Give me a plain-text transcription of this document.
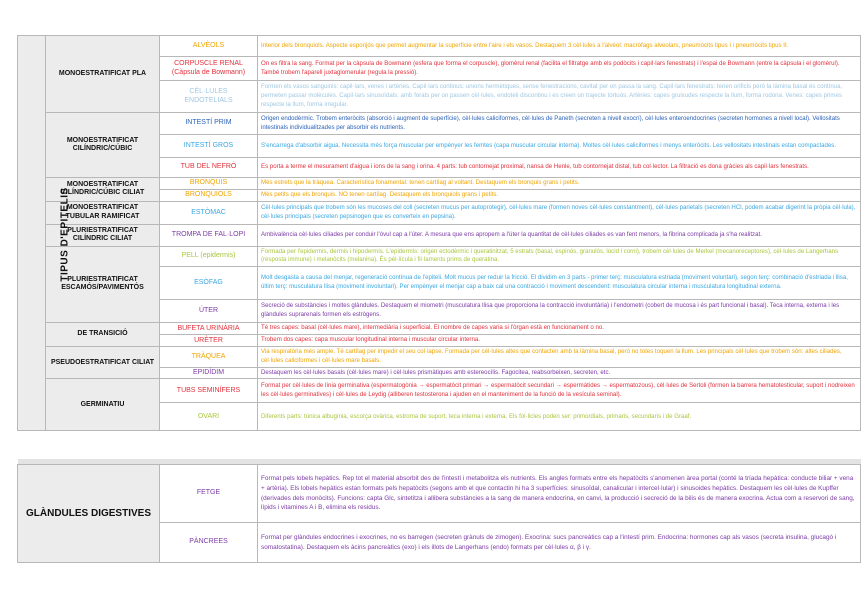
TIPUS D'EPITELIS	MONOESTRATIFICAT PLA	ALVÈOLS	Interior dels bronquiols. Aspecte esponjós que permet augmentar la superfície entre l'aire i els vasos. Destaquem 3 cèl·lules a l'alvèol: macròfags alveolars, pneumòcits tipus I i pneumòcits tipus II.

		CORPUSCLE RENAL
(Càpsula de Bowmann)	On es filtra la sang. Format per la càpsula de Bowmann (esfera que forma el corpuscle), glomèrul renal (facilita el filtratge amb els podòcits i capil·lars fenestrats) i l'espai de Bowmann (entre la càpsula i el glomèrul). També trobem l'aparell juxtaglomerular (regula la pressió).

		CÈL·LULES
ENDOTELIALS	Formen els vasos sanguinis: capil·lars, venes i artèries. Capil·lars continus: unions hermètiques, sense fenestracions, cavitat per on passa la sang. Capil·lars fenestrats: tenen orificis però la làmina basal és contínua, permeten passar molècules. Capil·lars sinusoïdals: amb forats per on passen cèl·lules, endoteli discontinu i es creen un trajecte tortuós. Artèries: capes gruixudes respecte la llum, forma rodona. Venes: capes primes respecte la llum, forma irregular.
	MONOESTRATIFICAT CILÍNDRIC/CÚBIC	INTESTÍ PRIM	Origen endodèrmic. Trobem enteròcits (absorció i augment de superfície), cèl·lules caliciformes, cèl·lules de Paneth (secreten a nivell exocrí), cèl·lules enteroendocrines (secreten hormones a nivell local). Vellositats intestinals individualitzades per absorbir els nutrients.

		INTESTÍ GROS	S'encarrega d'absorbir aigua. Necessita més força muscular per empènyer les femtes (capa muscular circular interna). Moltes cèl·lules caliciformes i menys enteròcits. Les vellositats intestinals estan compactades.

		TUB DEL NEFRÓ	Es porta a terme el mesurament d'aigua i ions de la sang i orina. 4 parts: tub contornejat proximal, nansa de Henle, tub contornejat distal, tub col·lector. La filtració es dona gràcies als capil·lars fenestrats.
	MONOESTRATIFICAT CILÍNDRIC/CÚBIC CILIAT	BRONQUIS	Més estrets que la tràquea. Característica fonamental: tenen cartílag al voltant. Destaquem els bronquis grans i petits.

		BRONQUIOLS	Més petits que els bronquis. NO tenen cartílag. Destaquem els bronquiols grans i petits.
	MONOESTRATIFICAT TUBULAR RAMIFICAT	ESTÒMAC	Cèl·lules principals que trobem són les mucoses del coll (secreten mucus per autoprotegir), cèl·lules mare (formen noves cèl·lules constantment), cèl·lules parietals (secreten HCl, podem acabar digerint la pròpia cèl·lula), cèl·lules principals (secreten pepsinogen que es converteix en pepsina).
	PLURIESTRATIFICAT CILÍNDRIC CILIAT	TROMPA DE FAL·LOPI	Ambivalència cèl·lules ciliades per conduir l'òvul cap a l'úter. A mesura que ens apropem a l'úter la quantitat de cèl·lules ciliades es van fent menors, la fibrina complicada ja s'ha realitzat.
	PLURIESTRATIFICAT ESCAMÓS/PAVIMENTÓS	PELL (epidermis)	Formada per l'epidermis, dermis i hipodermis. L'epidermis: origen ectodèrmic i queratinitzat, 5 estrats (basal, espinós, granulós, lúcid i corni), trobem cèl·lules de Merkel (mecanoreceptores), cèl·lules de Langerhans (resposta immune) i melanòcits (melanina). És pèl·lícula i fil·laments prims de queratina.

		ESÒFAG	Molt desgasta a causa del menjar, regeneració contínua de l'epiteli. Molt mucus per reduir la fricció. El dividim en 3 parts - primer terç: musculatura estriada (moviment voluntari), segon terç: combinació d'estriada i llisa, últim terç: musculatura llisa (moviment involuntari). Per empènyer el menjar cap a baix cal una contracció i moviment descendent: musculatura circular interna i musculatura longitudinal externa.

		ÚTER	Secreció de substàncies i moltes glàndules. Destaquem el miometri (musculatura llisa que proporciona la contracció involuntària) i l'endometri (cobert de mucosa i és part funcional i basal). Teca interna, externa i les glàndules suprarenals formen els estrògens.
	DE TRANSICIÓ	BUFETA URINÀRIA	Té tres capes: basal (cèl·lules mare), intermediària i superficial. El nombre de capes varia si l'òrgan està en funcionament o no.

		URÈTER	Trobem dos capes: capa muscular longitudinal interna i muscular circular interna.
	PSEUDOESTRATIFICAT CILIAT	TRÀQUEA	Via respiratòria més ample. Té cartílag per impedir el seu col·lapse. Formada per cèl·lules altes que contacten amb la làmina basal, però no totes toquen la llum. Les principals cèl·lules que trobem són: altes ciliades, cèl·lules caliciformes i cèl·lules mare basals.

		EPIDÍDIM	Destaquem les cèl·lules basals (cèl·lules mare) i cèl·lules prismàtiques amb estereocílis. Fagocitea, reabsorbeixen, secreten, etc.
	GERMINATIU	TUBS SEMINÍFERS	Format per cèl·lules de línia germinativa (espermatogònia → espermatòcit primari → espermatòcit secundari → espermàtides → espermatozous), cèl·lules de Sertoli (formen la barrera hematotesticular, suport i nodreixen les cèl·lules germinatives) i cèl·lules de Leydig (alliberen testosterona i ajuden en el manteniment de la funció de la vesícula seminal).

		OVARI	Diferents parts: túnica albugínia, escorça ovàrica, estroma de suport, teca interna i externa. Els fol·licles poden ser: primordials, primaris, secundaris i de Graaf.

GLÀNDULES DIGESTIVES	FETGE	Format pels lobels hepàtics. Rep tot el material absorbit des de l'intestí i metabolitza els nutrients. Els angles formats entre els hepatòcits s'anomenen àrea portal (conté la tríada hepàtica: conducte biliar + vena + artèria). Els lobels hepàtics estan formats pels hepatòcits (segons amb el que contactin hi ha 3 superfícies: sinusoïdal, canalicular i intercel·lular) i sinusoides hepàtics. Destaquem les cèl·lules de Kupffer (derivades dels monòcits). Funcions: capta Glc, sintetitza i allibera substàncies a la sang de manera endocrina, en canvi, la producció i secreció de la bilis és de manera exocrina. Actua com a reservori de sang, lípids i vitamines A i B, elimina els residus.
	PÀNCREES	Format per glàndules endocrines i exocrines, no es barregen (secreten grànuls de zimogen). Exocrina: sucs pancreàtics cap a l'intestí prim. Endocrina: hormones cap als vasos (secreta insulina, glucagó i somatostatina). Destaquem els àcins pancreàtics (exo) i els illots de Langerhans (endo) formats per cèl·lules α, β i γ.
